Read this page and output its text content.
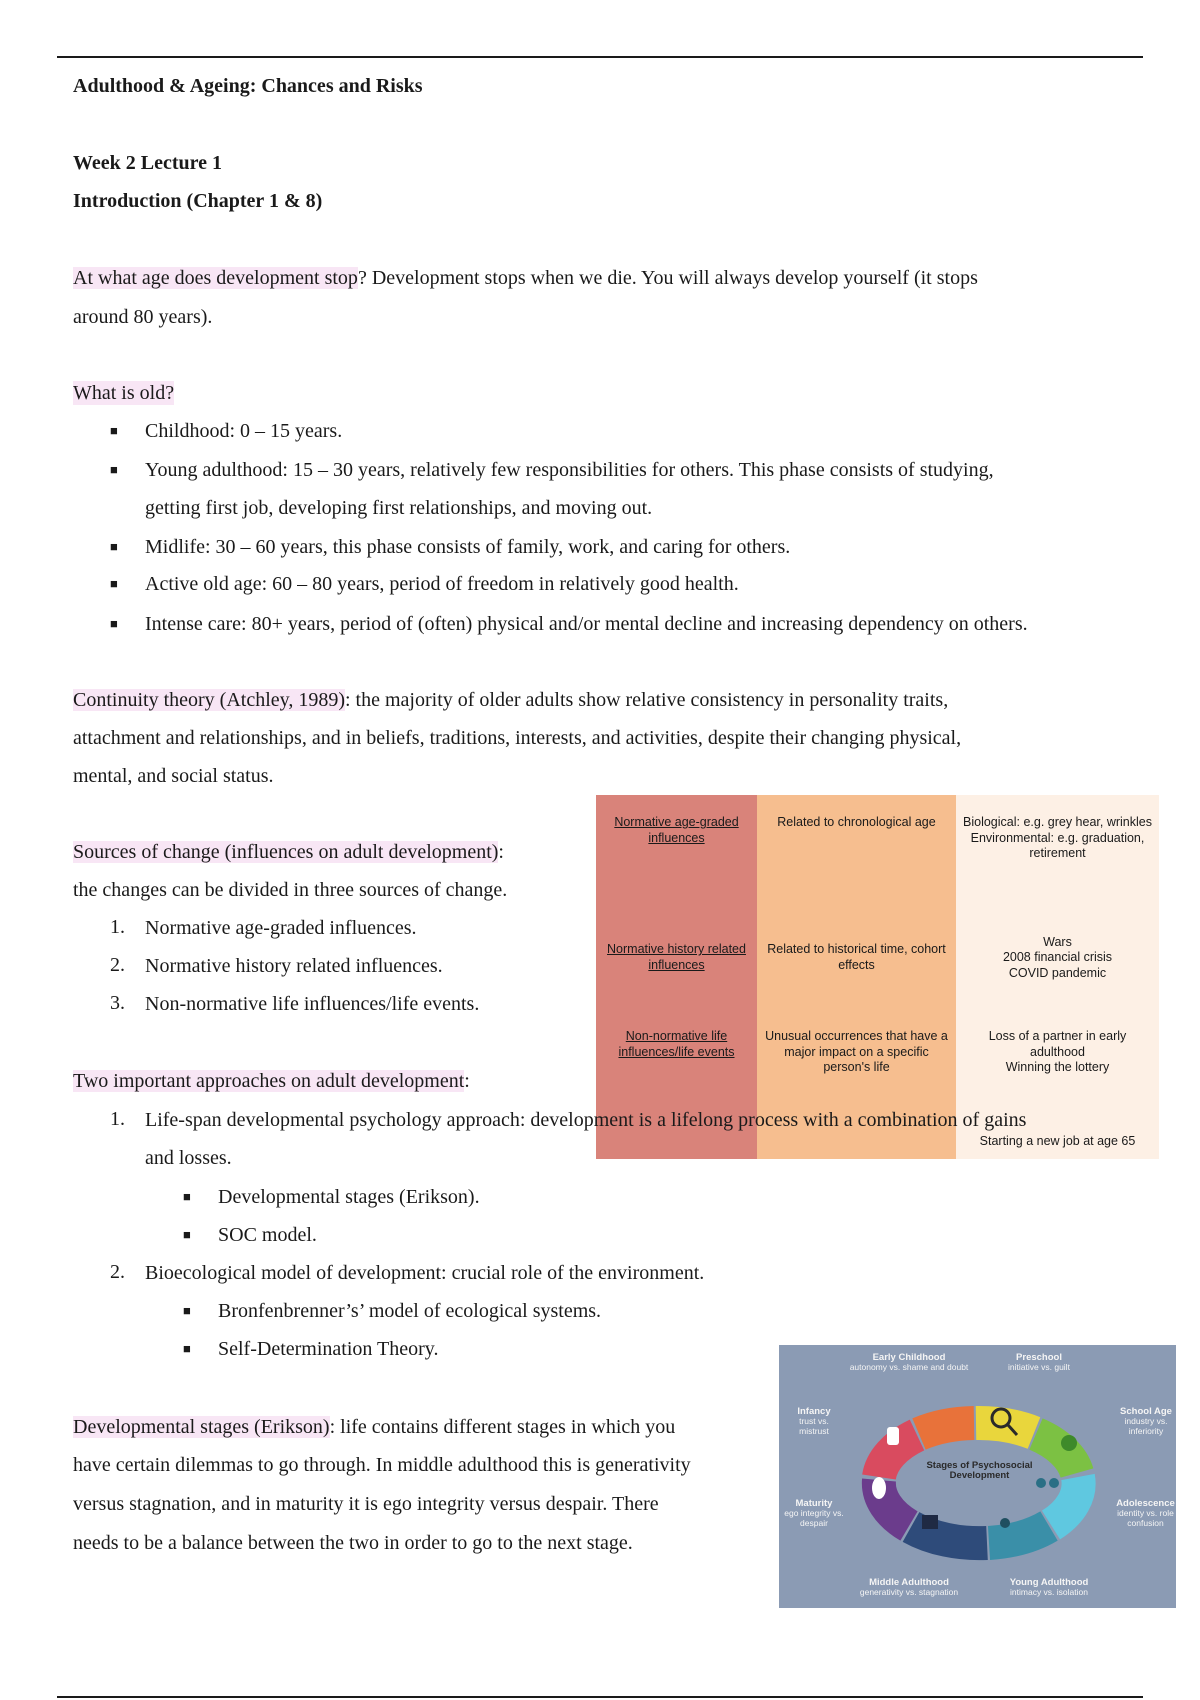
Adulthood & Ageing: Chances and Risks
Week 2 Lecture 1
Introduction (Chapter 1 & 8)
At what age does development stop? Development stops when we die. You will always develop yourself (it stops
around 80 years).
What is old?
■ Childhood: 0 – 15 years.
■ Young adulthood: 15 – 30 years, relatively few responsibilities for others. This phase consists of studying,
getting first job, developing first relationships, and moving out.
■ Midlife: 30 – 60 years, this phase consists of family, work, and caring for others.
■ Active old age: 60 – 80 years, period of freedom in relatively good health.
■ Intense care: 80+ years, period of (often) physical and/or mental decline and increasing dependency on others.
Continuity theory (Atchley, 1989): the majority of older adults show relative consistency in personality traits,
attachment and relationships, and in beliefs, traditions, interests, and activities, despite their changing physical,
mental, and social status.
Sources of change (influences on adult development):
the changes can be divided in three sources of change.
1. Normative age-graded influences.
2. Normative history related influences.
3. Non-normative life influences/life events.
Normative age-graded influences	Related to chronological age	Biological: e.g. grey hear, wrinkles
Environmental: e.g. graduation, retirement

Normative history related influences	Related to historical time, cohort effects	Wars
2008 financial crisis
COVID pandemic

Non-normative life influences/life events	Unusual occurrences that have a major impact on a specific person's life	Loss of a partner in early adulthood
Winning the lottery

		Starting a new job at age 65
Two important approaches on adult development:
1. Life-span developmental psychology approach: development is a lifelong process with a combination of gains
and losses.
■ Developmental stages (Erikson).
■ SOC model.
2. Bioecological model of development: crucial role of the environment.
■ Bronfenbrenner’s’ model of ecological systems.
■ Self-Determination Theory.
Developmental stages (Erikson): life contains different stages in which you
have certain dilemmas to go through. In middle adulthood this is generativity
versus stagnation, and in maturity it is ego integrity versus despair. There
needs to be a balance between the two in order to go to the next stage.
Stages of Psychosocial Development
Early Childhood
autonomy vs. shame and doubt
Preschool
initiative vs. guilt
Infancy
trust vs. mistrust
School Age
industry vs. inferiority
Maturity
ego integrity vs. despair
Adolescence
identity vs. role confusion
Middle Adulthood
generativity vs. stagnation
Young Adulthood
intimacy vs. isolation
